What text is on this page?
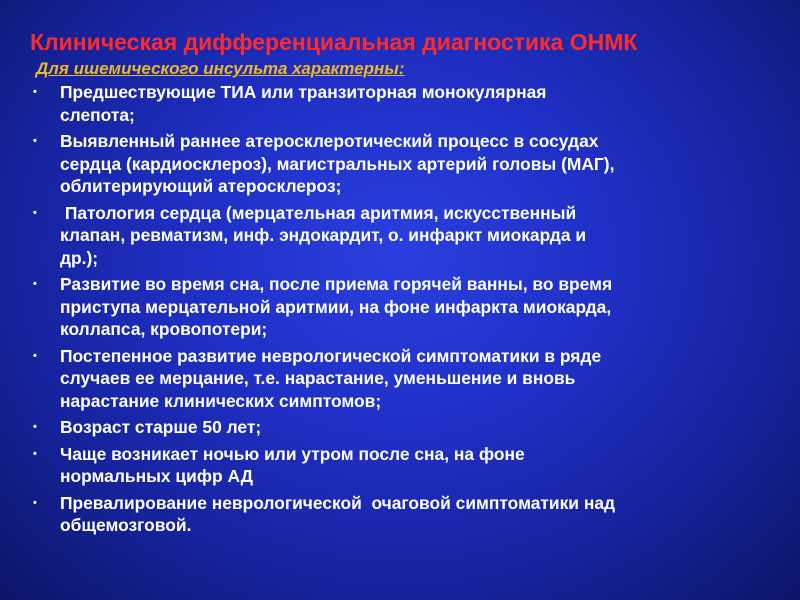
Клиническая дифференциальная диагностика ОНМК

Для ишемического инсульта характерны:

• Предшествующие ТИА или транзиторная монокулярная
слепота;
• Выявленный раннее атеросклеротический процесс в сосудах
сердца (кардиосклероз), магистральных артерий головы (МАГ),
облитерирующий атеросклероз;
• Патология сердца (мерцательная аритмия, искусственный
клапан, ревматизм, инф. эндокардит, о. инфаркт миокарда и
др.);
• Развитие во время сна, после приема горячей ванны, во время
приступа мерцательной аритмии, на фоне инфаркта миокарда,
коллапса, кровопотери;
• Постепенное развитие неврологической симптоматики в ряде
случаев ее мерцание, т.е. нарастание, уменьшение и вновь
нарастание клинических симптомов;
• Возраст старше 50 лет;
• Чаще возникает ночью или утром после сна, на фоне
нормальных цифр АД
• Превалирование неврологической  очаговой симптоматики над
общемозговой.
